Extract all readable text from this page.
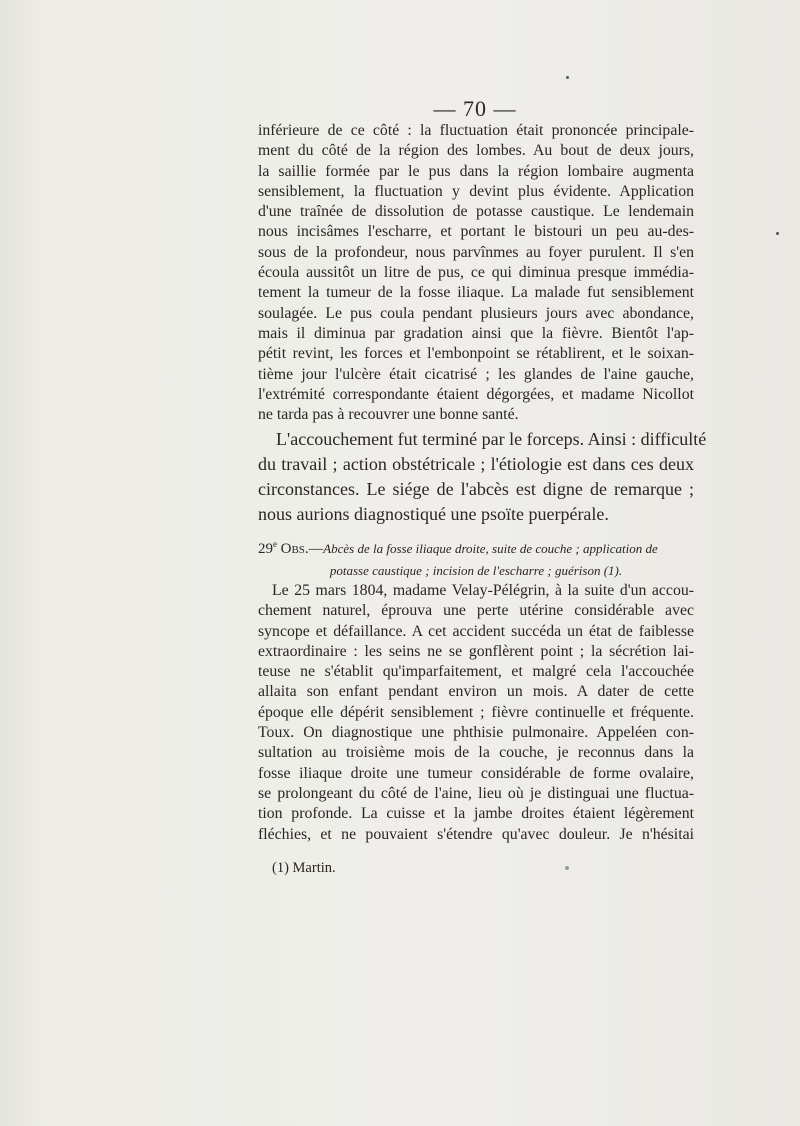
— 70 —
inférieure de ce côté : la fluctuation était prononcée principale-
ment du côté de la région des lombes. Au bout de deux jours,
la saillie formée par le pus dans la région lombaire augmenta
sensiblement, la fluctuation y devint plus évidente. Application
d'une traînée de dissolution de potasse caustique. Le lendemain
nous incisâmes l'escharre, et portant le bistouri un peu au-des-
sous de la profondeur, nous parvînmes au foyer purulent. Il s'en
écoula aussitôt un litre de pus, ce qui diminua presque immédia-
tement la tumeur de la fosse iliaque. La malade fut sensiblement
soulagée. Le pus coula pendant plusieurs jours avec abondance,
mais il diminua par gradation ainsi que la fièvre. Bientôt l'ap-
pétit revint, les forces et l'embonpoint se rétablirent, et le soixan-
tième jour l'ulcère était cicatrisé ; les glandes de l'aine gauche,
l'extrémité correspondante étaient dégorgées, et madame Nicollot
ne tarda pas à recouvrer une bonne santé.
L'accouchement fut terminé par le forceps. Ainsi : difficulté
du travail ; action obstétricale ; l'étiologie est dans ces deux
circonstances. Le siége de l'abcès est digne de remarque ;
nous aurions diagnostiqué une psoïte puerpérale.
29e Obs.—Abcès de la fosse iliaque droite, suite de couche ; application de
potasse caustique ; incision de l'escharre ; guérison (1).
Le 25 mars 1804, madame Velay-Pélégrin, à la suite d'un accou-
chement naturel, éprouva une perte utérine considérable avec
syncope et défaillance. A cet accident succéda un état de faiblesse
extraordinaire : les seins ne se gonflèrent point ; la sécrétion lai-
teuse ne s'établit qu'imparfaitement, et malgré cela l'accouchée
allaita son enfant pendant environ un mois. A dater de cette
époque elle dépérit sensiblement ; fièvre continuelle et fréquente.
Toux. On diagnostique une phthisie pulmonaire. Appeléen con-
sultation au troisième mois de la couche, je reconnus dans la
fosse iliaque droite une tumeur considérable de forme ovalaire,
se prolongeant du côté de l'aine, lieu où je distinguai une fluctua-
tion profonde. La cuisse et la jambe droites étaient légèrement
fléchies, et ne pouvaient s'étendre qu'avec douleur. Je n'hésitai
(1) Martin.
